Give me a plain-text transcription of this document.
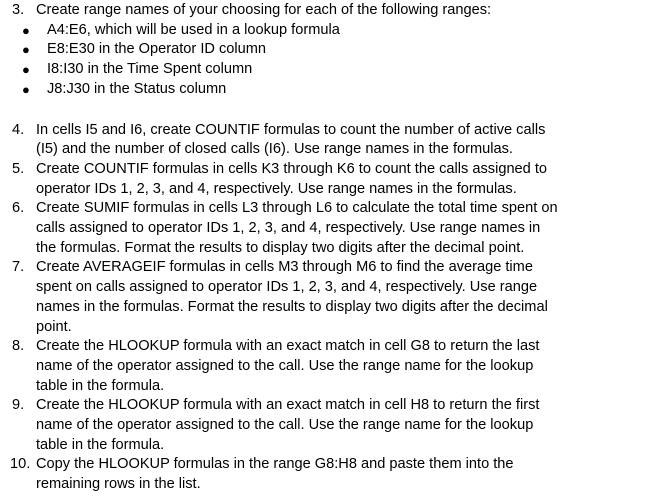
3. Create range names of your choosing for each of the following ranges:
● A4:E6, which will be used in a lookup formula
● E8:E30 in the Operator ID column
● I8:I30 in the Time Spent column
● J8:J30 in the Status column
4. In cells I5 and I6, create COUNTIF formulas to count the number of active calls
(I5) and the number of closed calls (I6). Use range names in the formulas.
5. Create COUNTIF formulas in cells K3 through K6 to count the calls assigned to
operator IDs 1, 2, 3, and 4, respectively. Use range names in the formulas.
6. Create SUMIF formulas in cells L3 through L6 to calculate the total time spent on
calls assigned to operator IDs 1, 2, 3, and 4, respectively. Use range names in
the formulas. Format the results to display two digits after the decimal point.
7. Create AVERAGEIF formulas in cells M3 through M6 to find the average time
spent on calls assigned to operator IDs 1, 2, 3, and 4, respectively. Use range
names in the formulas. Format the results to display two digits after the decimal
point.
8. Create the HLOOKUP formula with an exact match in cell G8 to return the last
name of the operator assigned to the call. Use the range name for the lookup
table in the formula.
9. Create the HLOOKUP formula with an exact match in cell H8 to return the first
name of the operator assigned to the call. Use the range name for the lookup
table in the formula.
10. Copy the HLOOKUP formulas in the range G8:H8 and paste them into the
remaining rows in the list.
